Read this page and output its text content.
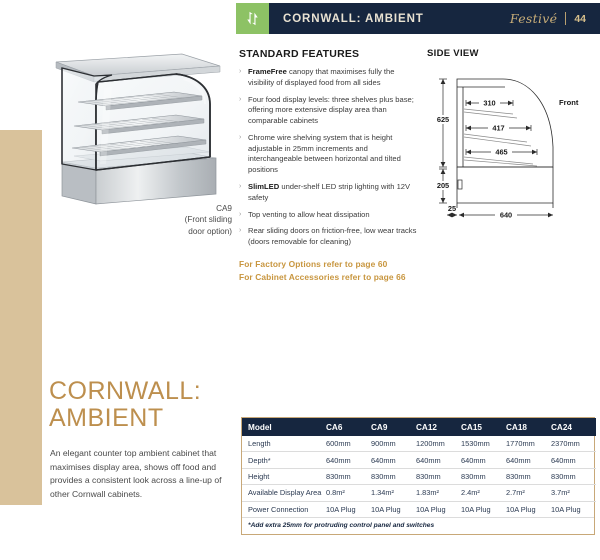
CORNWALL: AMBIENT	Festivé 44
CA9
(Front sliding
door option)
STANDARD FEATURES
› FrameFree canopy that maximises fully the visibility of displayed food from all sides
› Four food display levels: three shelves plus base; offering more extensive display area than comparable cabinets
› Chrome wire shelving system that is height adjustable in 25mm increments and interchangeable between horizontal and tilted positions
› SlimLED under-shelf LED strip lighting with 12V safety
› Top venting to allow heat dissipation
› Rear sliding doors on friction-free, low wear tracks (doors removable for cleaning)
For Factory Options refer to page 60
For Cabinet Accessories refer to page 66
SIDE VIEW
310
417
465
625
205
25
640
Front
CORNWALL:
AMBIENT
An elegant counter top ambient cabinet that maximises display area, shows off food and provides a consistent look across a line-up of other Cornwall cabinets.
Model	CA6	CA9	CA12	CA15	CA18	CA24
Length	600mm	900mm	1200mm	1530mm	1770mm	2370mm
Depth*	640mm	640mm	640mm	640mm	640mm	640mm
Height	830mm	830mm	830mm	830mm	830mm	830mm
Available Display Area	0.8m²	1.34m²	1.83m²	2.4m²	2.7m²	3.7m²
Power Connection	10A Plug	10A Plug	10A Plug	10A Plug	10A Plug	10A Plug
*Add extra 25mm for protruding control panel and switches
